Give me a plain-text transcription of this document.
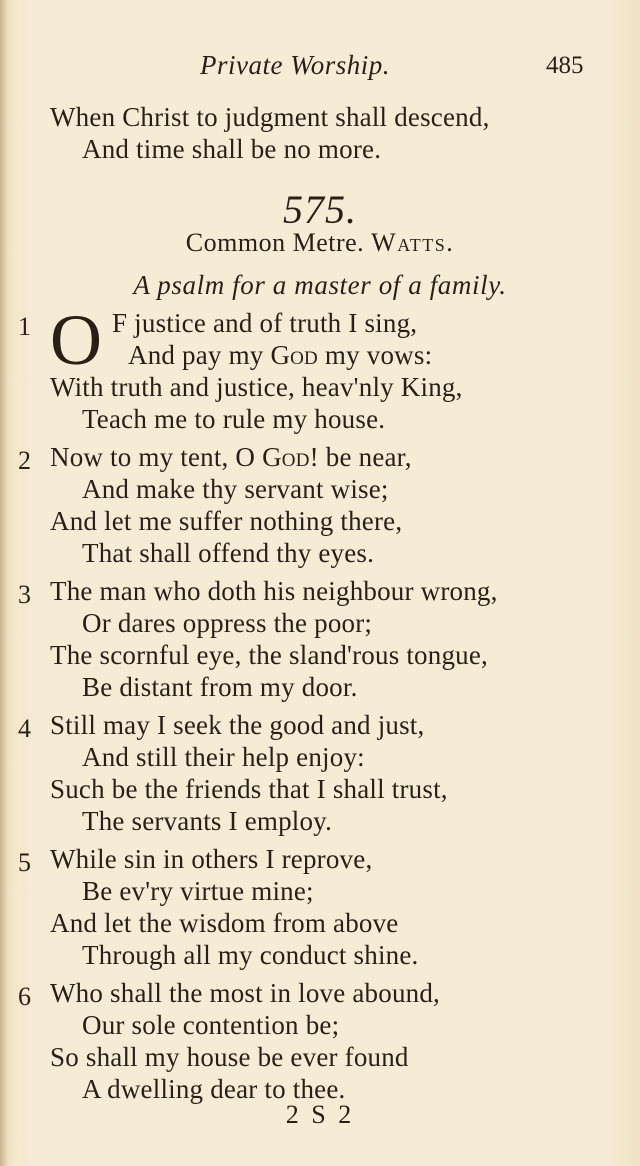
Private Worship.	485
When Christ to judgment shall descend,
And time shall be no more.
575.
Common Metre. Watts.
A psalm for a master of a family.
1 O F justice and of truth I sing,
And pay my God my vows:
With truth and justice, heav'nly King,
Teach me to rule my house.
2 Now to my tent, O God! be near,
And make thy servant wise;
And let me suffer nothing there,
That shall offend thy eyes.
3 The man who doth his neighbour wrong,
Or dares oppress the poor;
The scornful eye, the sland'rous tongue,
Be distant from my door.
4 Still may I seek the good and just,
And still their help enjoy:
Such be the friends that I shall trust,
The servants I employ.
5 While sin in others I reprove,
Be ev'ry virtue mine;
And let the wisdom from above
Through all my conduct shine.
6 Who shall the most in love abound,
Our sole contention be;
So shall my house be ever found
A dwelling dear to thee.
2 S 2
